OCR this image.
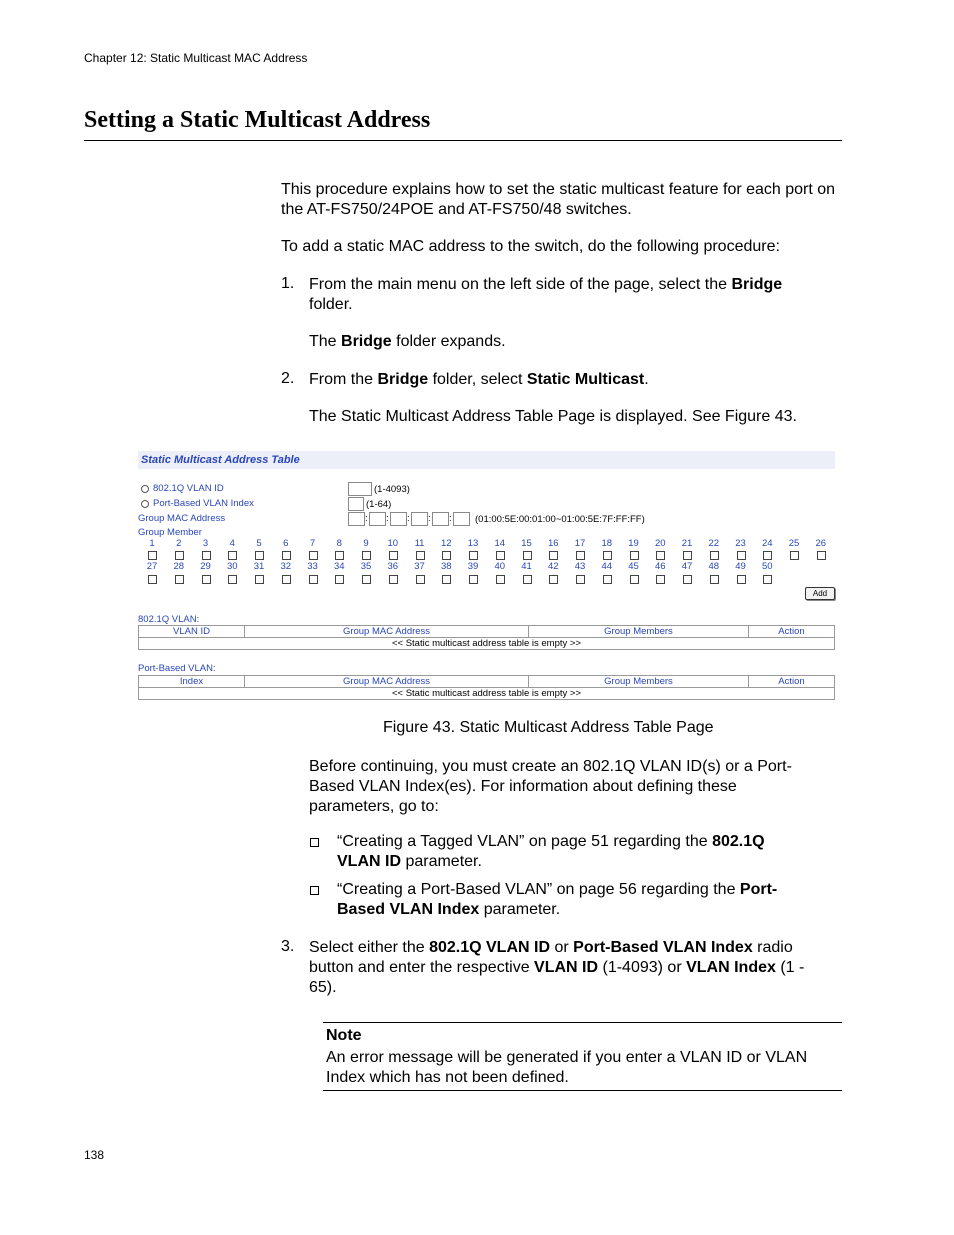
Chapter 12: Static Multicast MAC Address
Setting a Static Multicast Address
This procedure explains how to set the static multicast feature for each port on the AT-FS750/24POE and AT-FS750/48 switches.
To add a static MAC address to the switch, do the following procedure:
1. From the main menu on the left side of the page, select the Bridge
folder.
The Bridge folder expands.
2. From the Bridge folder, select Static Multicast.
The Static Multicast Address Table Page is displayed. See Figure 43.
Static Multicast Address Table
802.1Q VLAN ID
Port-Based VLAN Index
(1-4093)
(1-64)
Group MAC Address	: : : : : (01:00:5E:00:01:00~01:00:5E:7F:FF:FF)
Group Member
1	2	3	4	5	6	7	8	9	10	11	12	13	14	15	16	17	18	19	20	21	22	23	24	25	26
27	28	29	30	31	32	33	34	35	36	37	38	39	40	41	42	43	44	45	46	47	48	49	50
Add
802.1Q VLAN:
VLAN ID	Group MAC Address	Group Members	Action
<< Static multicast address table is empty >>
Port-Based VLAN:
Index	Group MAC Address	Group Members	Action
<< Static multicast address table is empty >>
Figure 43. Static Multicast Address Table Page
Before continuing, you must create an 802.1Q VLAN ID(s) or a Port-
Based VLAN Index(es). For information about defining these
parameters, go to:
“Creating a Tagged VLAN” on page 51 regarding the 802.1Q
VLAN ID parameter.
“Creating a Port-Based VLAN” on page 56 regarding the Port-
Based VLAN Index parameter.
3. Select either the 802.1Q VLAN ID or Port-Based VLAN Index radio
button and enter the respective VLAN ID (1-4093) or VLAN Index (1 -
65).
Note
An error message will be generated if you enter a VLAN ID or VLAN
Index which has not been defined.
138
